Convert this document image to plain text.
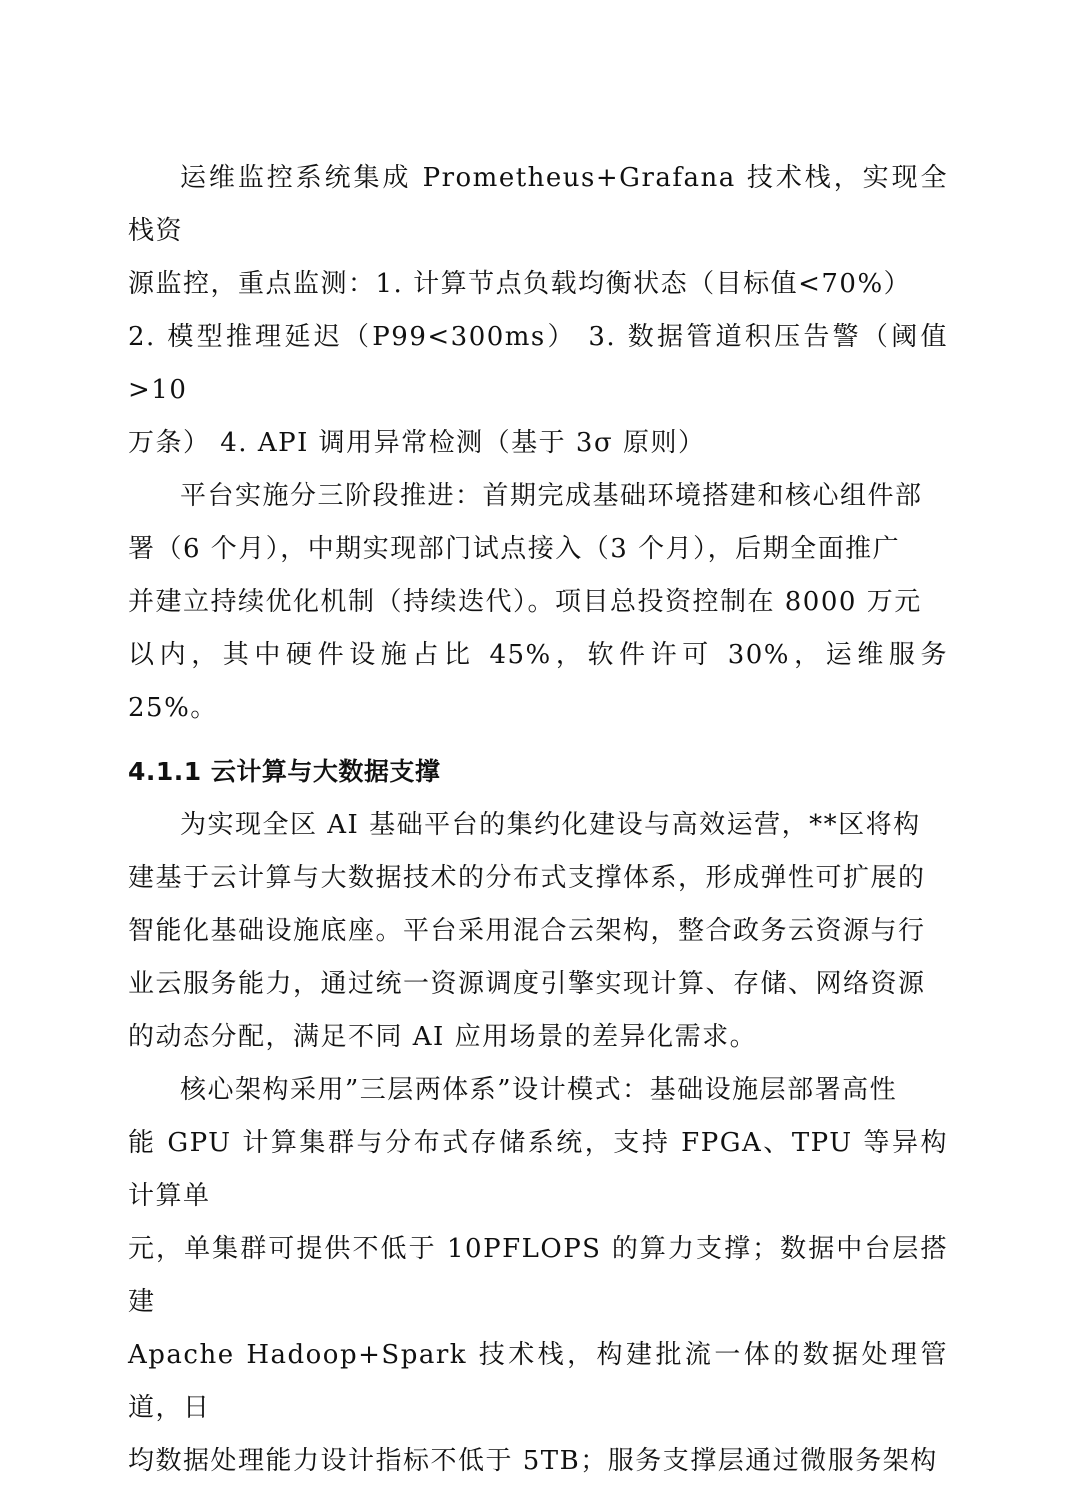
运维监控系统集成 Prometheus+Grafana 技术栈，实现全栈资
源监控，重点监测：1. 计算节点负载均衡状态（目标值<70%）
2. 模型推理延迟（P99<300ms） 3. 数据管道积压告警（阈值>10
万条） 4. API 调用异常检测（基于 3σ 原则）

平台实施分三阶段推进：首期完成基础环境搭建和核心组件部
署（6 个月），中期实现部门试点接入（3 个月），后期全面推广
并建立持续优化机制（持续迭代）。项目总投资控制在 8000 万元
以内，其中硬件设施占比 45%，软件许可 30%，运维服务 25%。

4.1.1 云计算与大数据支撑

为实现全区 AI 基础平台的集约化建设与高效运营，**区将构
建基于云计算与大数据技术的分布式支撑体系，形成弹性可扩展的
智能化基础设施底座。平台采用混合云架构，整合政务云资源与行
业云服务能力，通过统一资源调度引擎实现计算、存储、网络资源
的动态分配，满足不同 AI 应用场景的差异化需求。

核心架构采用”三层两体系”设计模式：基础设施层部署高性
能 GPU 计算集群与分布式存储系统，支持 FPGA、TPU 等异构计算单
元，单集群可提供不低于 10PFLOPS 的算力支撑；数据中台层搭建
Apache Hadoop+Spark 技术栈，构建批流一体的数据处理管道，日
均数据处理能力设计指标不低于 5TB；服务支撑层通过微服务架构
